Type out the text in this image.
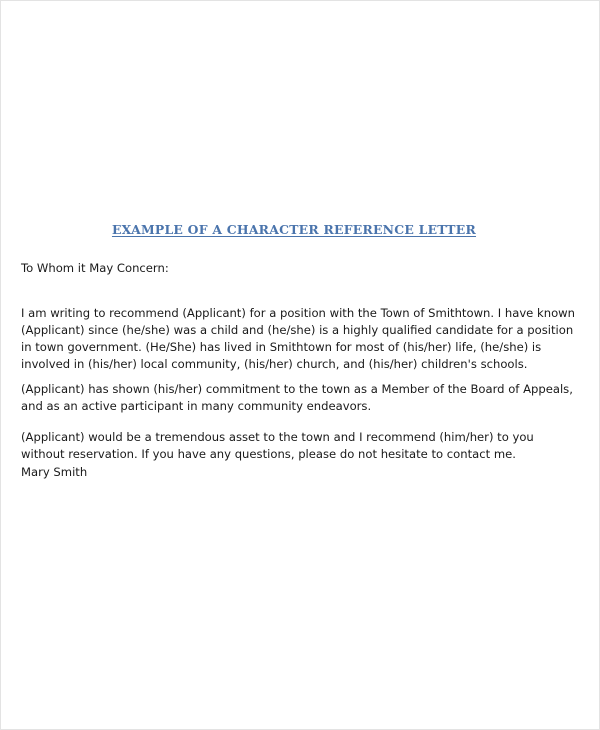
EXAMPLE OF A CHARACTER REFERENCE LETTER
To Whom it May Concern:

I am writing to recommend (Applicant) for a position with the Town of Smithtown. I have known (Applicant) since (he/she) was a child and (he/she) is a highly qualified candidate for a position in town government. (He/She) has lived in Smithtown for most of (his/her) life, (he/she) is involved in (his/her) local community, (his/her) church, and (his/her) children's schools.

(Applicant) has shown (his/her) commitment to the town as a Member of the Board of Appeals, and as an active participant in many community endeavors.

(Applicant) would be a tremendous asset to the town and I recommend (him/her) to you without reservation. If you have any questions, please do not hesitate to contact me.

Mary Smith
